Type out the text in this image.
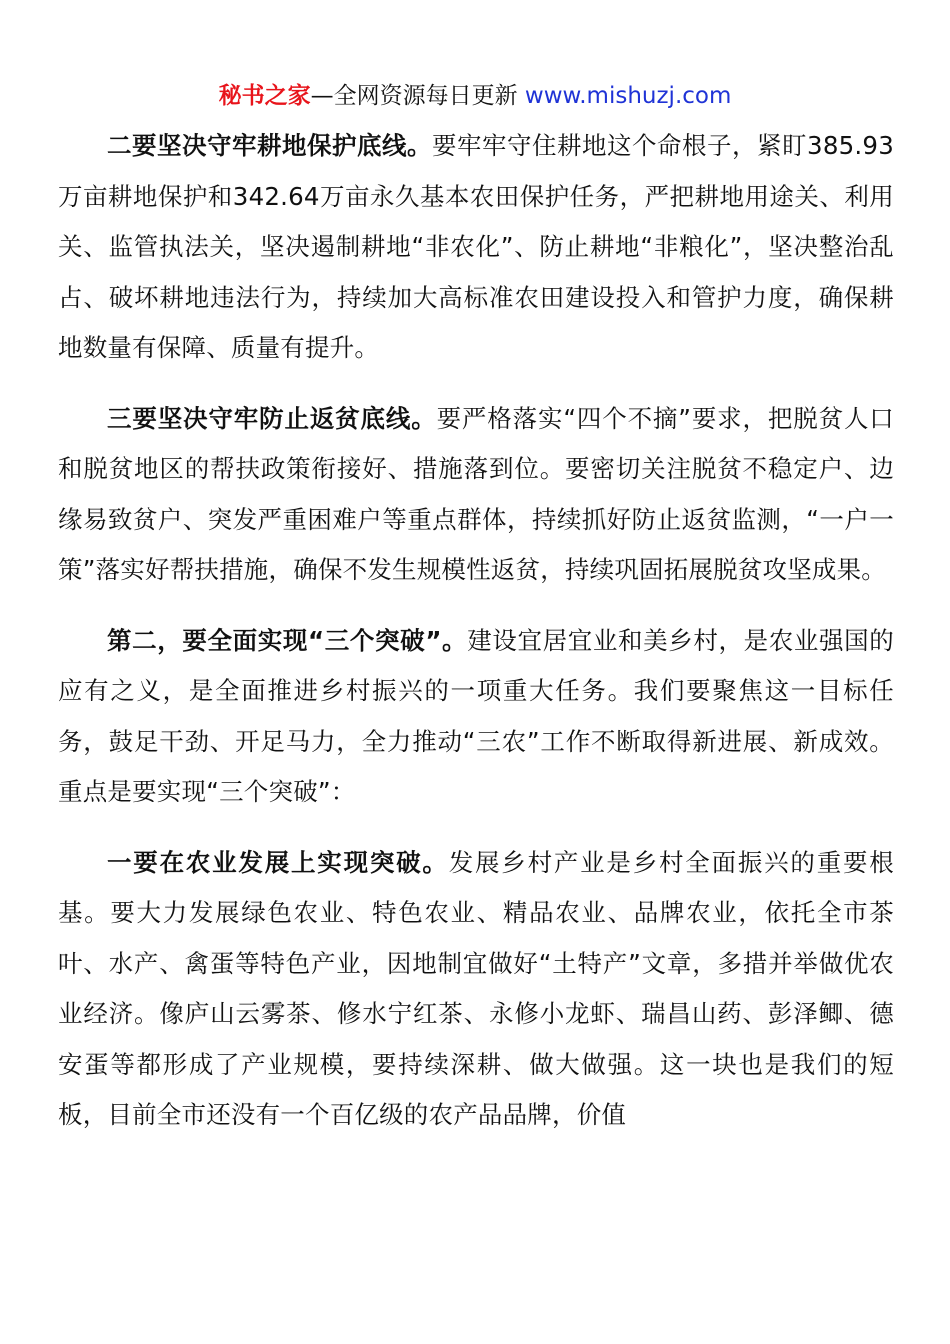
秘书之家—全网资源每日更新 www.mishuzj.com

二要坚决守牢耕地保护底线。要牢牢守住耕地这个命根子，紧盯385.93万亩耕地保护和342.64万亩永久基本农田保护任务，严把耕地用途关、利用关、监管执法关，坚决遏制耕地“非农化”、防止耕地“非粮化”，坚决整治乱占、破坏耕地违法行为，持续加大高标准农田建设投入和管护力度，确保耕地数量有保障、质量有提升。

三要坚决守牢防止返贫底线。要严格落实“四个不摘”要求，把脱贫人口和脱贫地区的帮扶政策衔接好、措施落到位。要密切关注脱贫不稳定户、边缘易致贫户、突发严重困难户等重点群体，持续抓好防止返贫监测，“一户一策”落实好帮扶措施，确保不发生规模性返贫，持续巩固拓展脱贫攻坚成果。

第二，要全面实现“三个突破”。建设宜居宜业和美乡村，是农业强国的应有之义，是全面推进乡村振兴的一项重大任务。我们要聚焦这一目标任务，鼓足干劲、开足马力，全力推动“三农”工作不断取得新进展、新成效。重点是要实现“三个突破”：

一要在农业发展上实现突破。发展乡村产业是乡村全面振兴的重要根基。要大力发展绿色农业、特色农业、精品农业、品牌农业，依托全市茶叶、水产、禽蛋等特色产业，因地制宜做好“土特产”文章，多措并举做优农业经济。像庐山云雾茶、修水宁红茶、永修小龙虾、瑞昌山药、彭泽鲫、德安蛋等都形成了产业规模，要持续深耕、做大做强。这一块也是我们的短板，目前全市还没有一个百亿级的农产品品牌，价值
